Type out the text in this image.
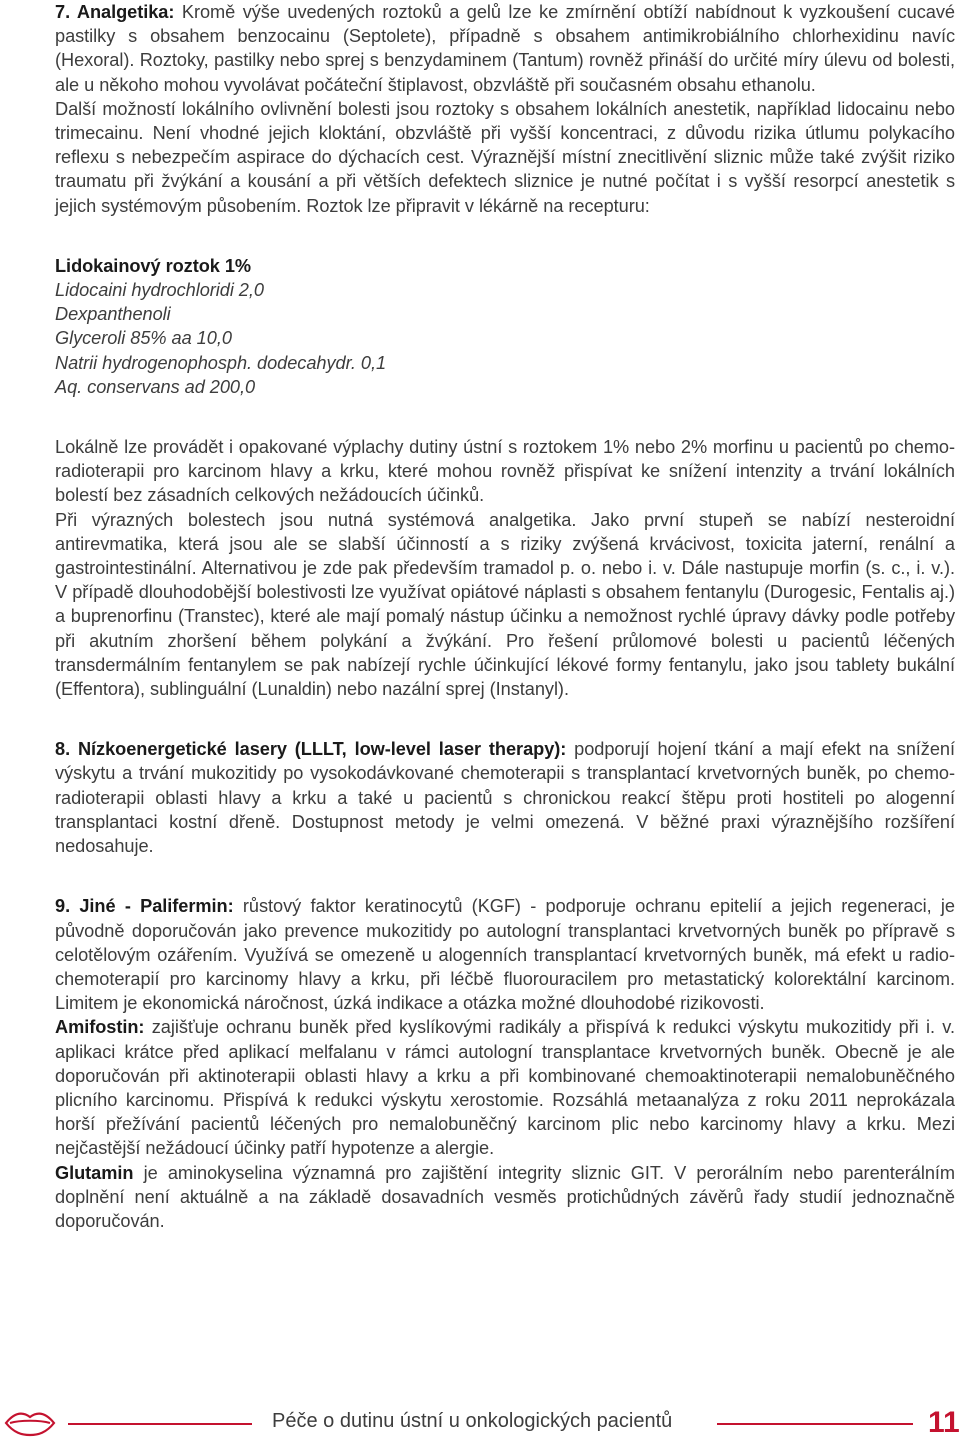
7. Analgetika: Kromě výše uvedených roztoků a gelů lze ke zmírnění obtíží nabídnout k vyzkoušení cucavé pastilky s obsahem benzocainu (Septolete), případně s obsahem antimikrobiálního chlorhexidinu navíc (Hexoral). Roztoky, pastilky nebo sprej s benzydaminem (Tantum) rovněž přináší do určité míry úlevu od bolesti, ale u někoho mohou vyvolávat počáteční štiplavost, obzvláště při současném obsahu ethanolu.

Další možností lokálního ovlivnění bolesti jsou roztoky s obsahem lokálních anestetik, například lidocainu nebo trimecainu. Není vhodné jejich kloktání, obzvláště při vyšší koncentraci, z důvodu rizika útlumu polykacího reflexu s nebezpečím aspirace do dýchacích cest. Výraznější místní znecitlivění sliznic může také zvýšit riziko traumatu při žvýkání a kousání a při větších defektech sliznice je nutné počítat i s vyšší resorpcí anestetik s jejich systémovým působením. Roztok lze připravit v lékárně na recepturu:

Lidokainový roztok 1%

Lidocaini hydrochloridi 2,0

Dexpanthenoli

Glyceroli 85% aa 10,0

Natrii hydrogenophosph. dodecahydr. 0,1

Aq. conservans ad 200,0

Lokálně lze provádět i opakované výplachy dutiny ústní s roztokem 1% nebo 2% morfinu u pacientů po chemo-radioterapii pro karcinom hlavy a krku, které mohou rovněž přispívat ke snížení intenzity a trvání lokálních bolestí bez zásadních celkových nežádoucích účinků.

Při výrazných bolestech jsou nutná systémová analgetika. Jako první stupeň se nabízí nesteroidní antirevmatika, která jsou ale se slabší účinností a s riziky zvýšená krvácivost, toxicita jaterní, renální a gastrointestinální. Alternativou je zde pak především tramadol p. o. nebo i. v. Dále nastupuje morfin (s. c., i. v.). V případě dlouhodobější bolestivosti lze využívat opiátové náplasti s obsahem fentanylu (Durogesic, Fentalis aj.) a buprenorfinu (Transtec), které ale mají pomalý nástup účinku a nemožnost rychlé úpravy dávky podle potřeby při akutním zhoršení během polykání a žvýkání. Pro řešení průlomové bolesti u pacientů léčených transdermálním fentanylem se pak nabízejí rychle účinkující lékové formy fentanylu, jako jsou tablety bukální (Effentora), sublinguální (Lunaldin) nebo nazální sprej (Instanyl).

8. Nízkoenergetické lasery (LLLT, low-level laser therapy): podporují hojení tkání a mají efekt na snížení výskytu a trvání mukozitidy po vysokodávkované chemoterapii s transplantací krvetvorných buněk, po chemo-radioterapii oblasti hlavy a krku a také u pacientů s chronickou reakcí štěpu proti hostiteli po alogenní transplantaci kostní dřeně. Dostupnost metody je velmi omezená. V běžné praxi výraznějšího rozšíření nedosahuje.

9. Jiné - Palifermin: růstový faktor keratinocytů (KGF) - podporuje ochranu epitelií a jejich regeneraci, je původně doporučován jako prevence mukozitidy po autologní transplantaci krvetvorných buněk po přípravě s celotělovým ozářením. Využívá se omezeně u alogenních transplantací krvetvorných buněk, má efekt u radio-chemoterapií pro karcinomy hlavy a krku, při léčbě fluorouracilem pro metastatický kolorektální karcinom. Limitem je ekonomická náročnost, úzká indikace a otázka možné dlouhodobé rizikovosti.

Amifostin: zajišťuje ochranu buněk před kyslíkovými radikály a přispívá k redukci výskytu mukozitidy při i. v. aplikaci krátce před aplikací melfalanu v rámci autologní transplantace krvetvorných buněk. Obecně je ale doporučován při aktinoterapii oblasti hlavy a krku a při kombinované chemoaktinoterapii nemalobuněčného plicního karcinomu. Přispívá k redukci výskytu xerostomie. Rozsáhlá metaanalýza z roku 2011 neprokázala horší přežívání pacientů léčených pro nemalobuněčný karcinom plic nebo karcinomy hlavy a krku. Mezi nejčastější nežádoucí účinky patří hypotenze a alergie.

Glutamin je aminokyselina významná pro zajištění integrity sliznic GIT. V perorálním nebo parenterálním doplnění není aktuálně a na základě dosavadních vesměs protichůdných závěrů řady studií jednoznačně doporučován.

Péče o dutinu ústní u onkologických pacientů	11
